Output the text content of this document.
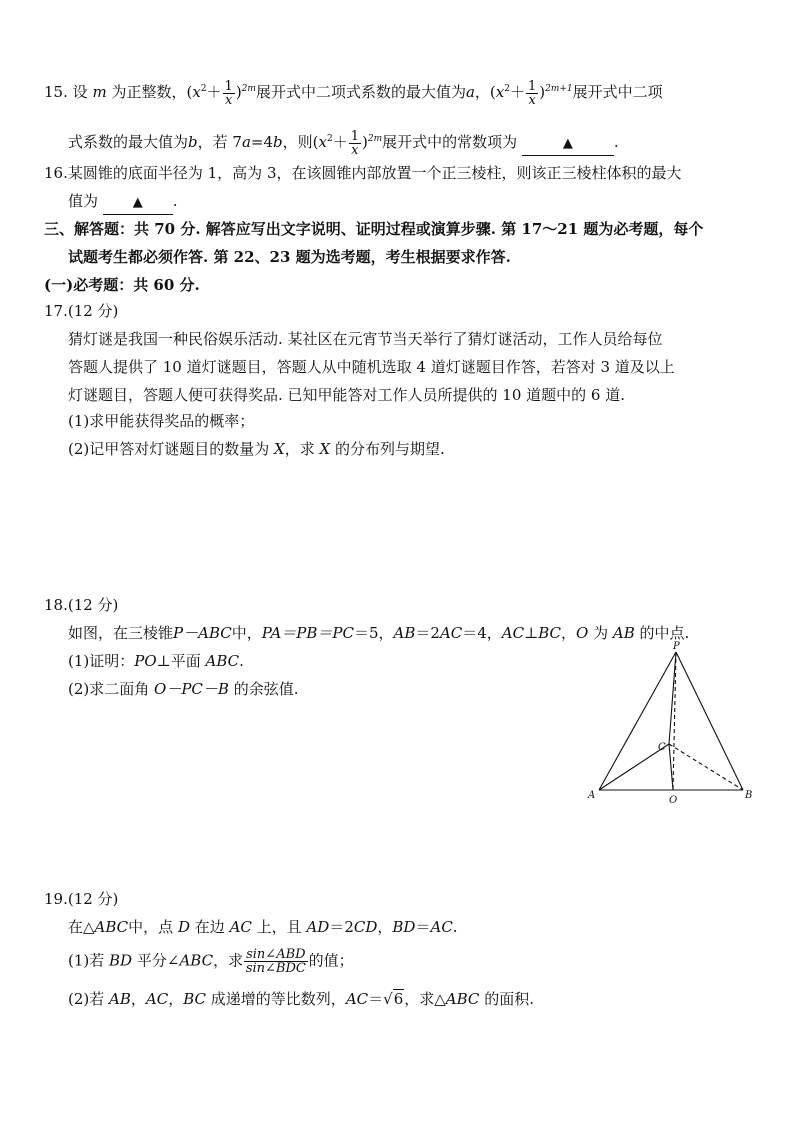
15. 设 m 为正整数，$(x^2+ \frac{1}{x} )^{2m}$展开式中二项式系数的最大值为a，$(x^2+ \frac{1}{x} )^{2m+1}$展开式中二项
式系数的最大值为b，若 7a=4b，则$(x^2+ \frac{1}{x} )^{2m}$展开式中的常数项为	▲	.
16.某圆锥的底面半径为 1，高为 3，在该圆锥内部放置一个正三棱柱，则该正三棱柱体积的最大
值为	▲ .
三、解答题：共 70 分. 解答应写出文字说明、证明过程或演算步骤. 第 17～21 题为必考题，每个
试题考生都必须作答. 第 22、23 题为选考题，考生根据要求作答.
(一)必考题：共 60 分.
17.(12 分)
猜灯谜是我国一种民俗娱乐活动. 某社区在元宵节当天举行了猜灯谜活动，工作人员给每位
答题人提供了 10 道灯谜题目，答题人从中随机选取 4 道灯谜题目作答，若答对 3 道及以上
灯谜题目，答题人便可获得奖品. 已知甲能答对工作人员所提供的 10 道题中的 6 道.
(1)求甲能获得奖品的概率；
(2)记甲答对灯谜题目的数量为 X，求 X 的分布列与期望.
18.(12 分)
如图，在三棱锥P－ABC中，PA＝PB＝PC＝5，AB＝2AC＝4，AC⊥BC，O 为 AB 的中点.
(1)证明：PO⊥平面 ABC.
(2)求二面角 O－PC－B 的余弦值.
P
A	B
C
O
19.(12 分)
在△ABC中，点 D 在边 AC 上，且 AD＝2CD，BD＝AC.
(1)若 BD 平分∠ABC，求 $\frac{\text{sin∠ABD}}{\text{sin∠BDC}}$ 的值；
(2)若 AB，AC，BC 成递增的等比数列，AC＝√6，求△ABC 的面积.
